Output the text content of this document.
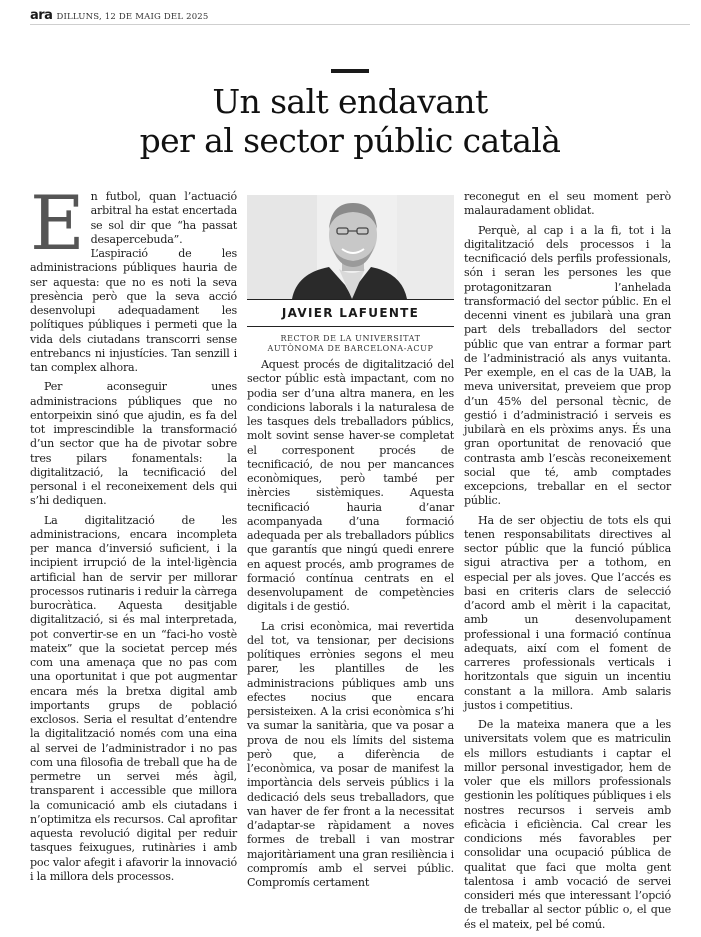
ara DILLUNS, 12 DE MAIG DEL 2025
Un salt endavant
per al sector públic català

En futbol, quan l’actuació arbitral ha estat encertada se sol dir que “ha passat desapercebuda”. L’aspiració de les administracions públiques hauria de ser aquesta: que no es noti la seva presència però que la seva acció desenvolupi adequadament les polítiques públiques i permeti que la vida dels ciutadans transcorri sense entrebancs ni injustícies. Tan senzill i tan complex alhora.

Per aconseguir unes administracions públiques que no entorpeixin sinó que ajudin, es fa del tot imprescindible la transformació d’un sector que ha de pivotar sobre tres pilars fonamentals: la digitalització, la tecnificació del personal i el reconeixement dels qui s’hi dediquen.

La digitalització de les administracions, encara incompleta per manca d’inversió suficient, i la incipient irrupció de la intel·ligència artificial han de servir per millorar processos rutinaris i reduir la càrrega burocràtica. Aquesta desitjable digitalització, si és mal interpretada, pot convertir-se en un “faci-ho vostè mateix” que la societat percep més com una amenaça que no pas com una oportunitat i que pot augmentar encara més la bretxa digital amb importants grups de població exclosos. Seria el resultat d’entendre la digitalització només com una eina al servei de l’administrador i no pas com una filosofia de treball que ha de permetre un servei més àgil, transparent i accessible que millora la comunicació amb els ciutadans i n’optimitza els recursos. Cal aprofitar aquesta revolució digital per reduir tasques feixugues, rutinàries i amb poc valor afegit i afavorir la innovació i la millora dels processos.

JAVIER LAFUENTE
RECTOR DE LA UNIVERSITAT
AUTÒNOMA DE BARCELONA-ACUP

Aquest procés de digitalització del sector públic està impactant, com no podia ser d’una altra manera, en les condicions laborals i la naturalesa de les tasques dels treballadors públics, molt sovint sense haver-se completat el corresponent procés de tecnificació, de nou per mancances econòmiques, però també per inèrcies sistèmiques. Aquesta tecnificació hauria d’anar acompanyada d’una formació adequada per als treballadors públics que garantís que ningú quedi enrere en aquest procés, amb programes de formació contínua centrats en el desenvolupament de competències digitals i de gestió.

La crisi econòmica, mai revertida del tot, va tensionar, per decisions polítiques errònies segons el meu parer, les plantilles de les administracions públiques amb uns efectes nocius que encara persisteixen. A la crisi econòmica s’hi va sumar la sanitària, que va posar a prova de nou els límits del sistema però que, a diferència de l’econòmica, va posar de manifest la importància dels serveis públics i la dedicació dels seus treballadors, que van haver de fer front a la necessitat d’adaptar-se ràpidament a noves formes de treball i van mostrar majoritàriament una gran resiliència i compromís amb el servei públic. Compromís certament

reconegut en el seu moment però malauradament oblidat.

Perquè, al cap i a la fi, tot i la digitalització dels processos i la tecnificació dels perfils professionals, són i seran les persones les que protagonitzaran l’anhelada transformació del sector públic. En el decenni vinent es jubilarà una gran part dels treballadors del sector públic que van entrar a formar part de l’administració als anys vuitanta. Per exemple, en el cas de la UAB, la meva universitat, preveiem que prop d’un 45% del personal tècnic, de gestió i d’administració i serveis es jubilarà en els pròxims anys. És una gran oportunitat de renovació que contrasta amb l’escàs reconeixement social que té, amb comptades excepcions, treballar en el sector públic.

Ha de ser objectiu de tots els qui tenen responsabilitats directives al sector públic que la funció pública sigui atractiva per a tothom, en especial per als joves. Que l’accés es basi en criteris clars de selecció d’acord amb el mèrit i la capacitat, amb un desenvolupament professional i una formació contínua adequats, així com el foment de carreres professionals verticals i horitzontals que siguin un incentiu constant a la millora. Amb salaris justos i competitius.

De la mateixa manera que a les universitats volem que es matriculin els millors estudiants i captar el millor personal investigador, hem de voler que els millors professionals gestionin les polítiques públiques i els nostres recursos i serveis amb eficàcia i eficiència. Cal crear les condicions més favorables per consolidar una ocupació pública de qualitat que faci que molta gent talentosa i amb vocació de servei consideri més que interessant l’opció de treballar al sector públic o, el que és el mateix, pel bé comú.
